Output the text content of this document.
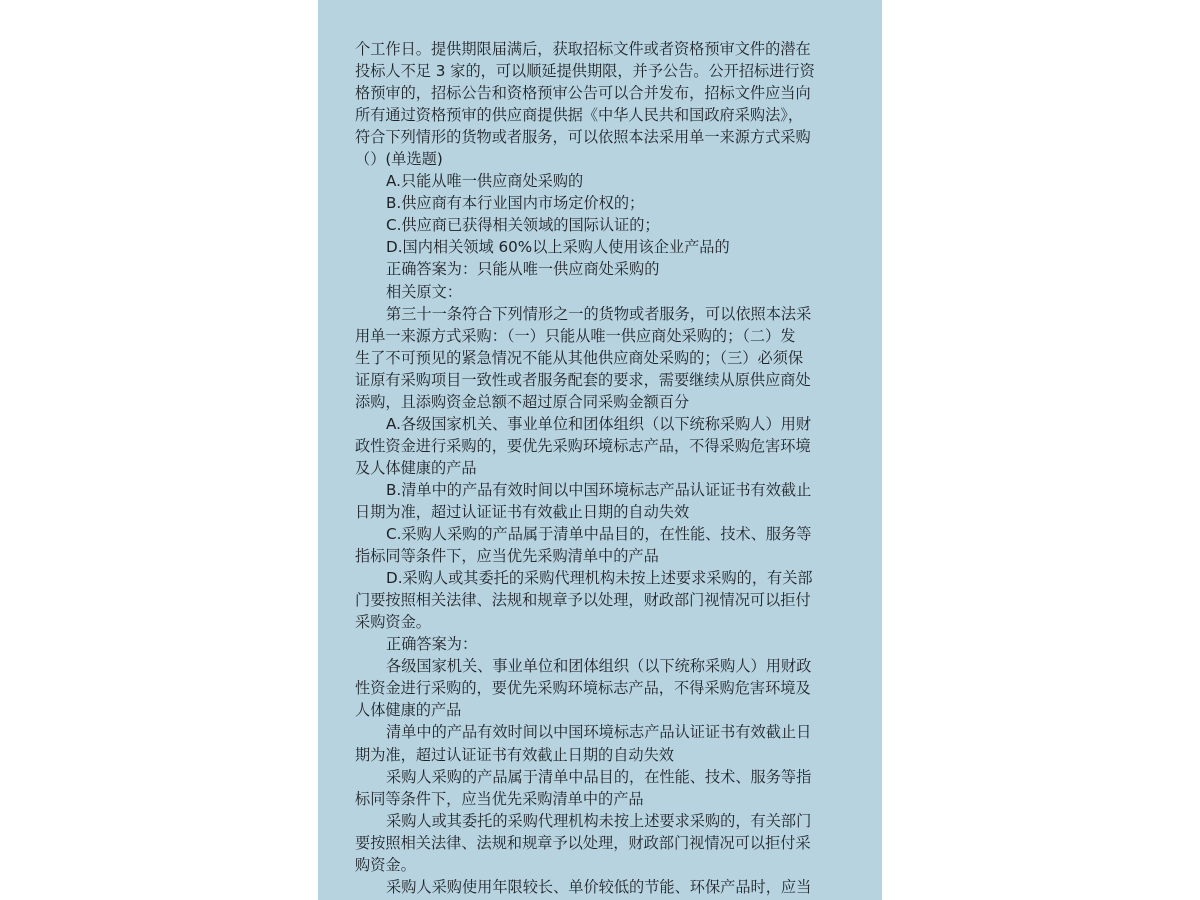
个工作日。提供期限届满后，获取招标文件或者资格预审文件的潜在

投标人不足 3 家的，可以顺延提供期限，并予公告。公开招标进行资

格预审的，招标公告和资格预审公告可以合并发布，招标文件应当向

所有通过资格预审的供应商提供据《中华人民共和国政府采购法》，

符合下列情形的货物或者服务，可以依照本法采用单一来源方式采购

（）(单选题)

A.只能从唯一供应商处采购的

B.供应商有本行业国内市场定价权的；

C.供应商已获得相关领域的国际认证的；

D.国内相关领域 60%以上采购人使用该企业产品的

正确答案为：只能从唯一供应商处采购的

相关原文：

第三十一条符合下列情形之一的货物或者服务，可以依照本法采

用单一来源方式采购：（一）只能从唯一供应商处采购的；（二）发

生了不可预见的紧急情况不能从其他供应商处采购的；（三）必须保

证原有采购项目一致性或者服务配套的要求，需要继续从原供应商处

添购，且添购资金总额不超过原合同采购金额百分

A.各级国家机关、事业单位和团体组织（以下统称采购人）用财

政性资金进行采购的，要优先采购环境标志产品，不得采购危害环境

及人体健康的产品

B.清单中的产品有效时间以中国环境标志产品认证证书有效截止

日期为准，超过认证证书有效截止日期的自动失效

C.采购人采购的产品属于清单中品目的，在性能、技术、服务等

指标同等条件下，应当优先采购清单中的产品

D.采购人或其委托的采购代理机构未按上述要求采购的，有关部

门要按照相关法律、法规和规章予以处理，财政部门视情况可以拒付

采购资金。

正确答案为：

各级国家机关、事业单位和团体组织（以下统称采购人）用财政

性资金进行采购的，要优先采购环境标志产品，不得采购危害环境及

人体健康的产品

清单中的产品有效时间以中国环境标志产品认证证书有效截止日

期为准，超过认证证书有效截止日期的自动失效

采购人采购的产品属于清单中品目的，在性能、技术、服务等指

标同等条件下，应当优先采购清单中的产品

采购人或其委托的采购代理机构未按上述要求采购的，有关部门

要按照相关法律、法规和规章予以处理，财政部门视情况可以拒付采

购资金。

采购人采购使用年限较长、单价较低的节能、环保产品时，应当
